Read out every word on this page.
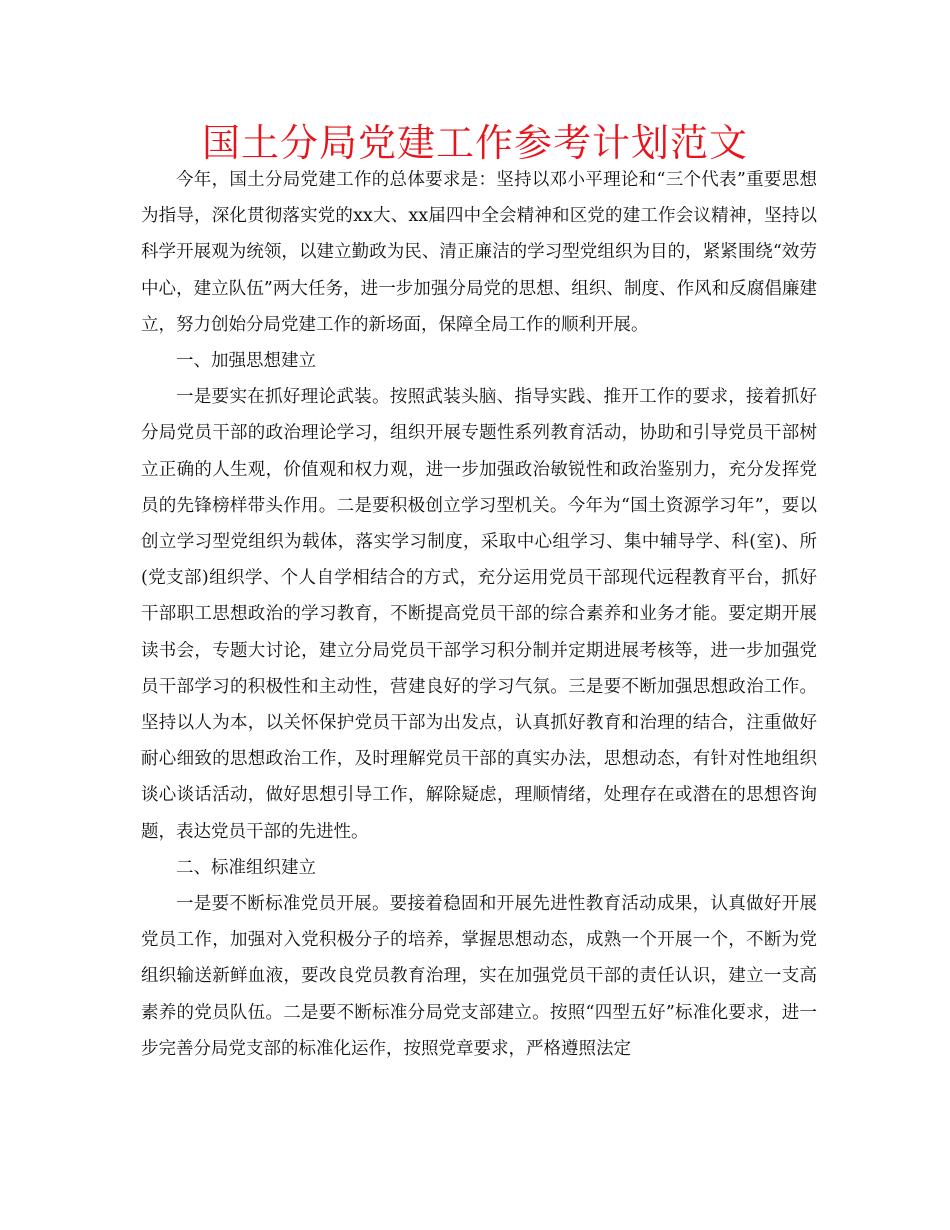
国土分局党建工作参考计划范文

今年，国土分局党建工作的总体要求是：坚持以邓小平理论和“三个代表”重要思想为指导，深化贯彻落实党的xx大、xx届四中全会精神和区党的建工作会议精神，坚持以科学开展观为统领，以建立勤政为民、清正廉洁的学习型党组织为目的，紧紧围绕“效劳中心，建立队伍”两大任务，进一步加强分局党的思想、组织、制度、作风和反腐倡廉建立，努力创始分局党建工作的新场面，保障全局工作的顺利开展。

一、加强思想建立

一是要实在抓好理论武装。按照武装头脑、指导实践、推开工作的要求，接着抓好分局党员干部的政治理论学习，组织开展专题性系列教育活动，协助和引导党员干部树立正确的人生观，价值观和权力观，进一步加强政治敏锐性和政治鉴别力，充分发挥党员的先锋榜样带头作用。二是要积极创立学习型机关。今年为“国土资源学习年”，要以创立学习型党组织为载体，落实学习制度，采取中心组学习、集中辅导学、科(室)、所(党支部)组织学、个人自学相结合的方式，充分运用党员干部现代远程教育平台，抓好干部职工思想政治的学习教育，不断提高党员干部的综合素养和业务才能。要定期开展读书会，专题大讨论，建立分局党员干部学习积分制并定期进展考核等，进一步加强党员干部学习的积极性和主动性，营建良好的学习气氛。三是要不断加强思想政治工作。坚持以人为本，以关怀保护党员干部为出发点，认真抓好教育和治理的结合，注重做好耐心细致的思想政治工作，及时理解党员干部的真实办法，思想动态，有针对性地组织谈心谈话活动，做好思想引导工作，解除疑虑，理顺情绪，处理存在或潜在的思想咨询题，表达党员干部的先进性。

二、标准组织建立

一是要不断标准党员开展。要接着稳固和开展先进性教育活动成果，认真做好开展党员工作，加强对入党积极分子的培养，掌握思想动态，成熟一个开展一个，不断为党组织输送新鲜血液，要改良党员教育治理，实在加强党员干部的责任认识，建立一支高素养的党员队伍。二是要不断标准分局党支部建立。按照“四型五好”标准化要求，进一步完善分局党支部的标准化运作，按照党章要求，严格遵照法定
